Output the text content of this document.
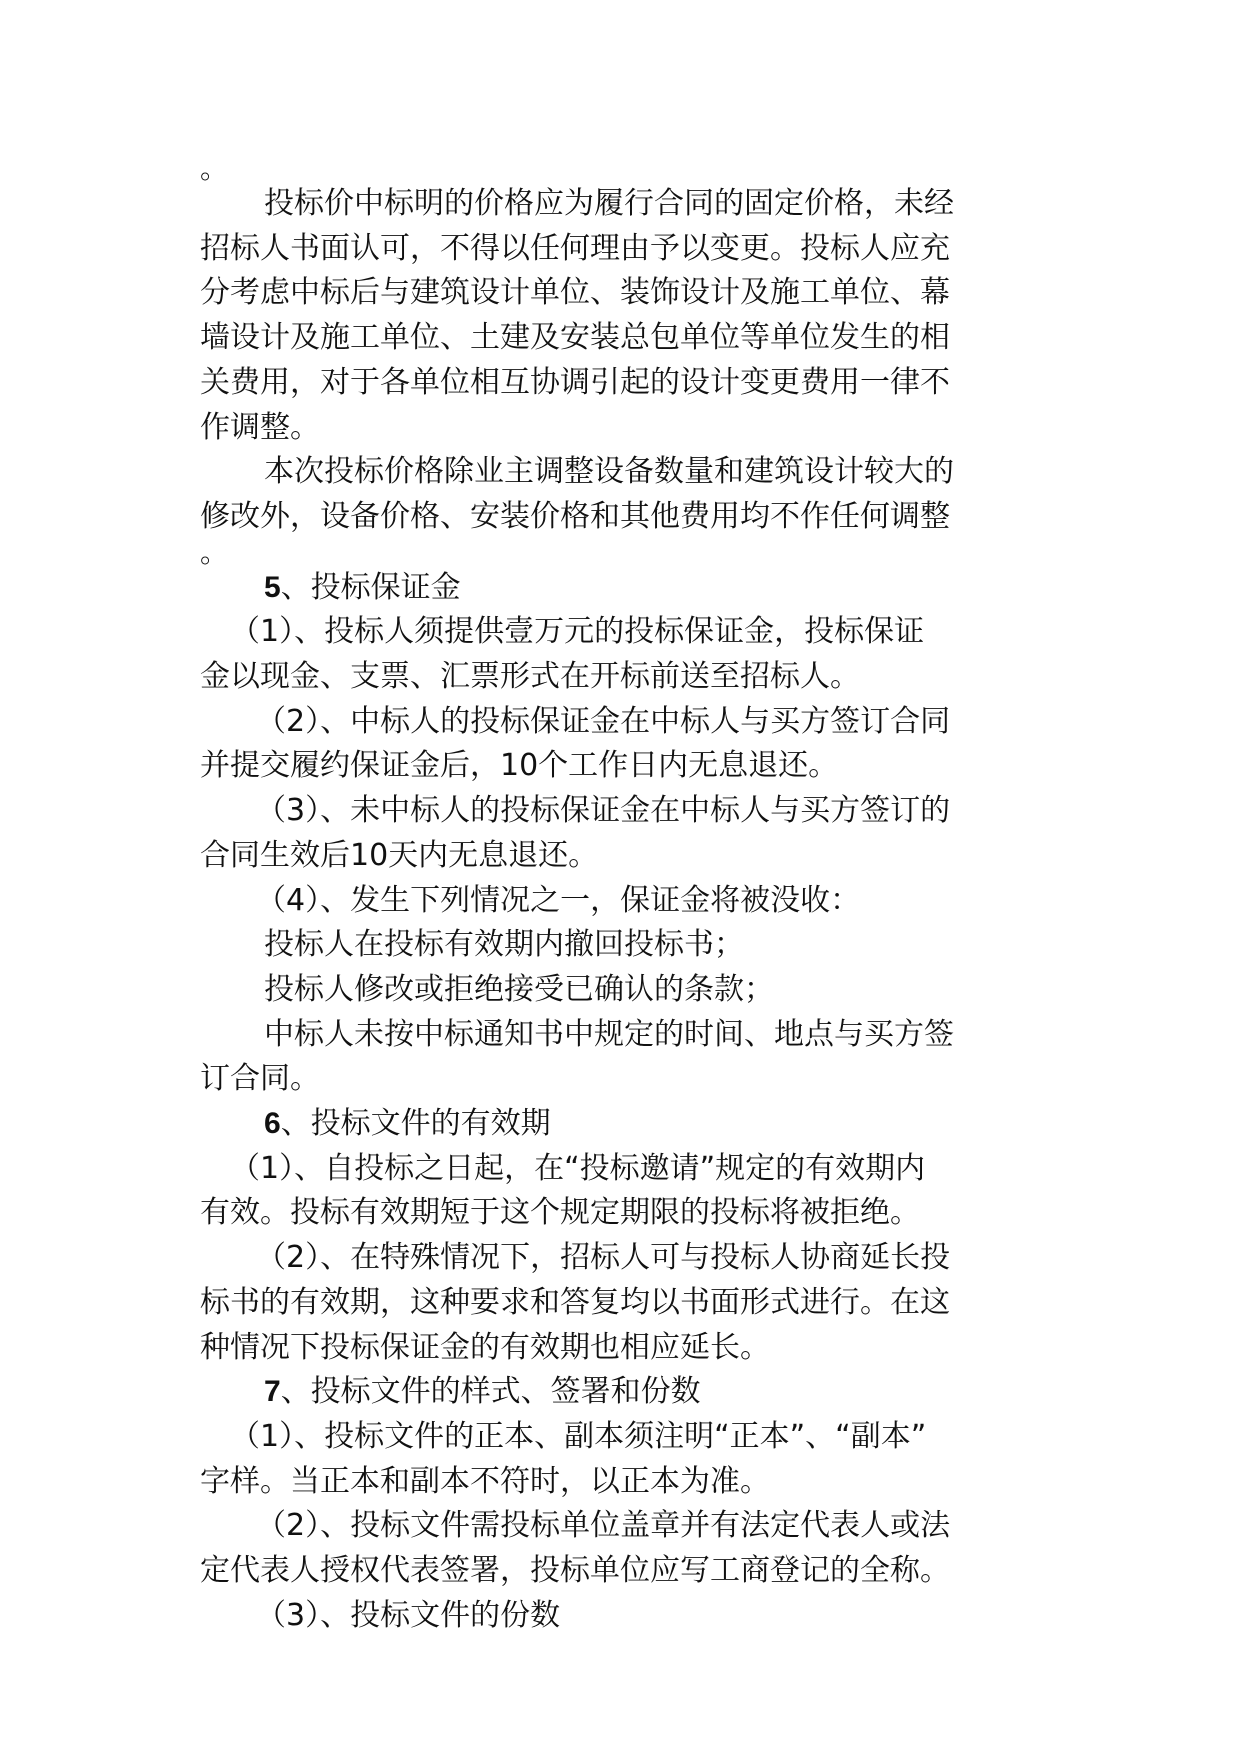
。
投标价中标明的价格应为履行合同的固定价格，未经
招标人书面认可，不得以任何理由予以变更。投标人应充
分考虑中标后与建筑设计单位、装饰设计及施工单位、幕
墙设计及施工单位、土建及安装总包单位等单位发生的相
关费用，对于各单位相互协调引起的设计变更费用一律不
作调整。
本次投标价格除业主调整设备数量和建筑设计较大的
修改外，设备价格、安装价格和其他费用均不作任何调整
。
5、投标保证金
（1）、投标人须提供壹万元的投标保证金，投标保证
金以现金、支票、汇票形式在开标前送至招标人。
（2）、中标人的投标保证金在中标人与买方签订合同
并提交履约保证金后，10个工作日内无息退还。
（3）、未中标人的投标保证金在中标人与买方签订的
合同生效后10天内无息退还。
（4）、发生下列情况之一，保证金将被没收：
投标人在投标有效期内撤回投标书；
投标人修改或拒绝接受已确认的条款；
中标人未按中标通知书中规定的时间、地点与买方签
订合同。
6、投标文件的有效期
（1）、自投标之日起，在“投标邀请”规定的有效期内
有效。投标有效期短于这个规定期限的投标将被拒绝。
（2）、在特殊情况下，招标人可与投标人协商延长投
标书的有效期，这种要求和答复均以书面形式进行。在这
种情况下投标保证金的有效期也相应延长。
7、投标文件的样式、签署和份数
（1）、投标文件的正本、副本须注明“正本”、“副本”
字样。当正本和副本不符时，以正本为准。
（2）、投标文件需投标单位盖章并有法定代表人或法
定代表人授权代表签署，投标单位应写工商登记的全称。
（3）、投标文件的份数
